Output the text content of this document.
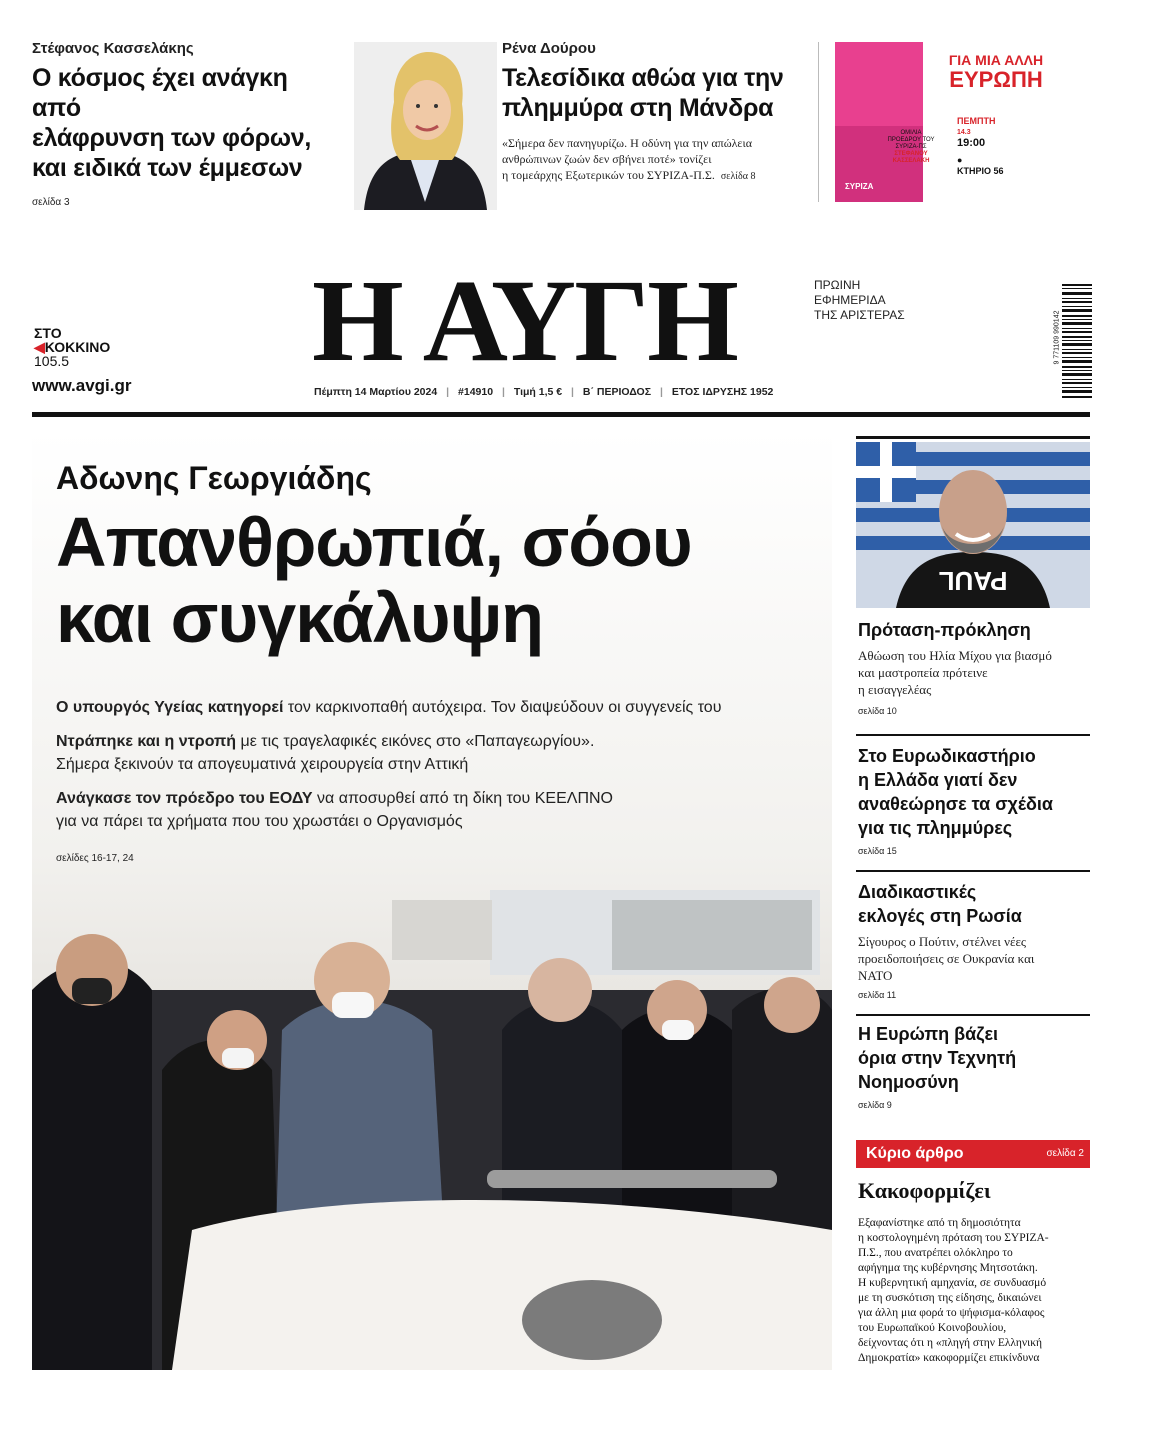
Στέφανος Κασσελάκης
Ο κόσμος έχει ανάγκη από
ελάφρυνση των φόρων,
και ειδικά των έμμεσων
σελίδα 3
Ρένα Δούρου
Τελεσίδικα αθώα για την
πλημμύρα στη Μάνδρα
«Σήμερα δεν πανηγυρίζω. Η οδύνη για την απώλεια
ανθρώπινων ζωών δεν σβήνει ποτέ» τονίζει
η τομεάρχης Εξωτερικών του ΣΥΡΙΖΑ-Π.Σ. σελίδα 8
ΣΥΡΙΖΑ
ΓΙΑ ΜΙΑ ΑΛΛΗ
ΕΥΡΩΠΗ
ΟΜΙΛΙΑ
ΠΡΟΕΔΡΟΥ ΤΟΥ
ΣΥΡΙΖΑ-ΠΣ
ΣΤΕΦΑΝΟΥ
ΚΑΣΣΕΛΑΚΗ
ΠΕΜΠΤΗ
14.3
19:00
●
ΚΤΗΡΙΟ 56
ΣΤΟ
◀ΚΟΚΚΙΝΟ
105.5
www.avgi.gr Η ΑΥΓΗ	ΠΡΩΙΝΗ
ΕΦΗΜΕΡΙΔΑ
ΤΗΣ ΑΡΙΣΤΕΡΑΣ
Πέμπτη 14 Μαρτίου 2024 | #14910 | Τιμή 1,5 € | Β΄ ΠΕΡΙΟΔΟΣ | ΕΤΟΣ ΙΔΡΥΣΗΣ 1952
9 771109 990142
Αδωνης Γεωργιάδης
Απανθρωπιά, σόου
και συγκάλυψη
Ο υπουργός Υγείας κατηγορεί τον καρκινοπαθή αυτόχειρα. Τον διαψεύδουν οι συγγενείς του
Ντράπηκε και η ντροπή με τις τραγελαφικές εικόνες στο «Παπαγεωργίου».
Σήμερα ξεκινούν τα απογευματινά χειρουργεία στην Αττική
Ανάγκασε τον πρόεδρο του ΕΟΔΥ να αποσυρθεί από τη δίκη του ΚΕΕΛΠΝΟ
για να πάρει τα χρήματα που του χρωστάει ο Οργανισμός
σελίδες 16-17, 24
PAUL
Πρόταση-πρόκληση
Αθώωση του Ηλία Μίχου για βιασμό
και μαστροπεία πρότεινε
η εισαγγελέας
σελίδα 10
Στο Ευρωδικαστήριο
η Ελλάδα γιατί δεν
αναθεώρησε τα σχέδια
για τις πλημμύρες
σελίδα 15
Διαδικαστικές
εκλογές στη Ρωσία
Σίγουρος ο Πούτιν, στέλνει νέες
προειδοποιήσεις σε Ουκρανία και
ΝΑΤΟ
σελίδα 11
Η Ευρώπη βάζει
όρια στην Τεχνητή
Νοημοσύνη
σελίδα 9
Κύριο άρθρο	σελίδα 2
Κακοφορμίζει
Εξαφανίστηκε από τη δημοσιότητα
η κοστολογημένη πρόταση του ΣΥΡΙΖΑ-
Π.Σ., που ανατρέπει ολόκληρο το
αφήγημα της κυβέρνησης Μητσοτάκη.
Η κυβερνητική αμηχανία, σε συνδυασμό
με τη συσκότιση της είδησης, δικαιώνει
για άλλη μια φορά το ψήφισμα-κόλαφος
του Ευρωπαϊκού Κοινοβουλίου,
δείχνοντας ότι η «πληγή στην Ελληνική
Δημοκρατία» κακοφορμίζει επικίνδυνα
